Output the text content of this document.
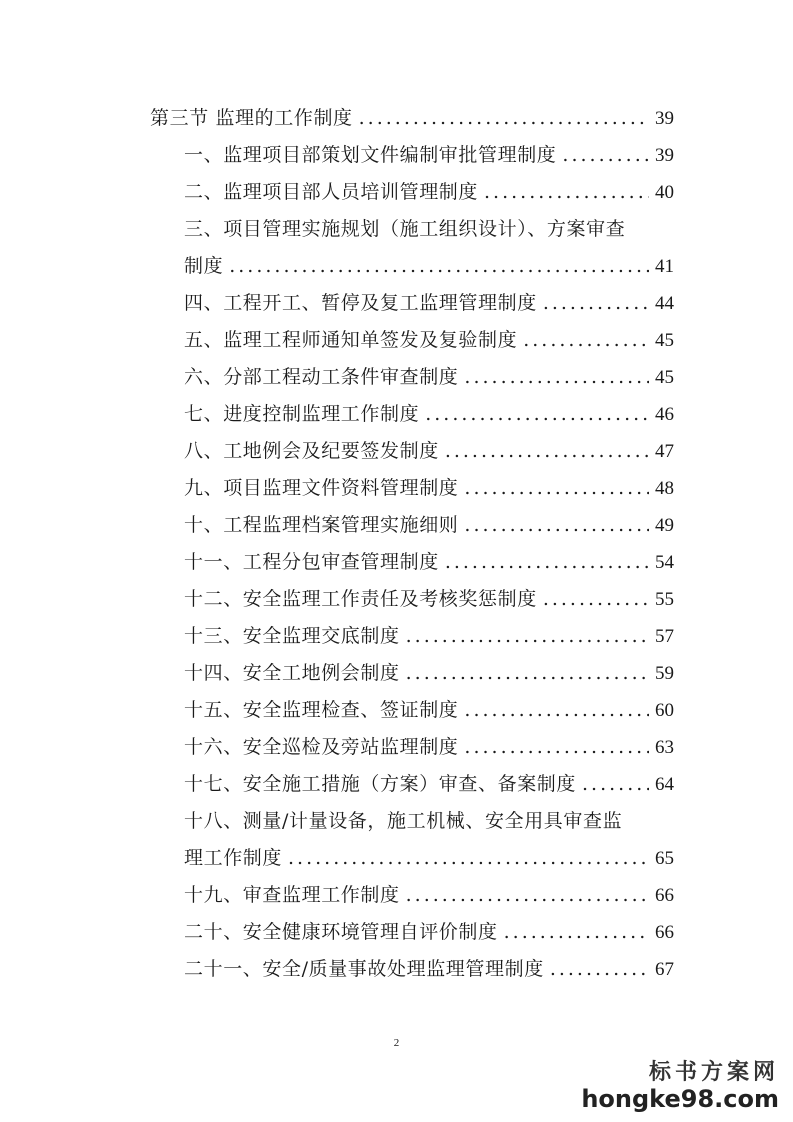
第三节 监理的工作制度 .....	39
一、监理项目部策划文件编制审批管理制度 .....	39
二、监理项目部人员培训管理制度 .....	40
三、项目管理实施规划（施工组织设计）、方案审查
制度 .....	41
四、工程开工、暂停及复工监理管理制度 .....	44
五、监理工程师通知单签发及复验制度 .....	45
六、分部工程动工条件审查制度 .....	45
七、进度控制监理工作制度 .....	46
八、工地例会及纪要签发制度 .....	47
九、项目监理文件资料管理制度 .....	48
十、工程监理档案管理实施细则 .....	49
十一、工程分包审查管理制度 .....	54
十二、安全监理工作责任及考核奖惩制度 .....	55
十三、安全监理交底制度 .....	57
十四、安全工地例会制度 .....	59
十五、安全监理检查、签证制度 .....	60
十六、安全巡检及旁站监理制度 .....	63
十七、安全施工措施（方案）审查、备案制度 .....	64
十八、测量/计量设备，施工机械、安全用具审查监
理工作制度 .....	65
十九、审查监理工作制度 .....	66
二十、安全健康环境管理自评价制度 .....	66
二十一、安全/质量事故处理监理管理制度 .....	67
2
标书方案网
hongke98.com
